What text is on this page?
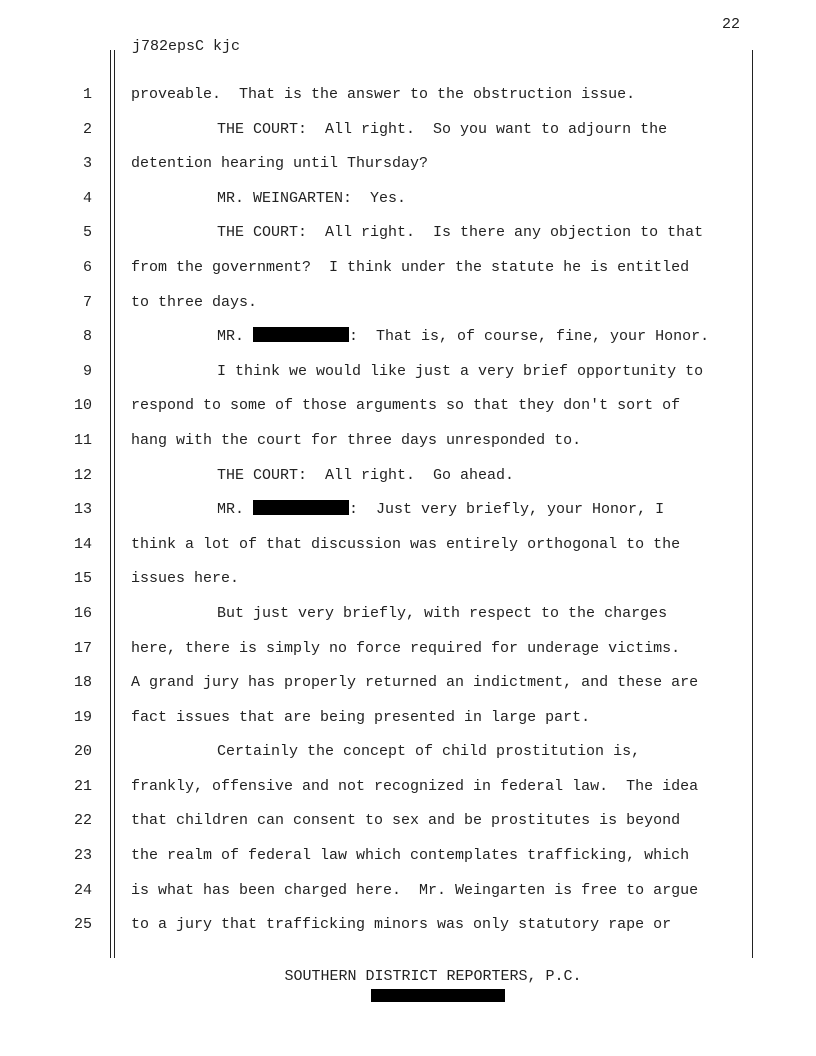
22
j782epsC kjc
1
2
3
4
5
6
7
8
9
10
11
12
13
14
15
16
17
18
19
20
21
22
23
24
25
proveable.  That is the answer to the obstruction issue.
THE COURT:  All right.  So you want to adjourn the
detention hearing until Thursday?
MR. WEINGARTEN:  Yes.
THE COURT:  All right.  Is there any objection to that
from the government?  I think under the statute he is entitled
to three days.
MR.	:  That is, of course, fine, your Honor.
I think we would like just a very brief opportunity to
respond to some of those arguments so that they don't sort of
hang with the court for three days unresponded to.
THE COURT:  All right.  Go ahead.
MR.	:  Just very briefly, your Honor, I
think a lot of that discussion was entirely orthogonal to the
issues here.
But just very briefly, with respect to the charges
here, there is simply no force required for underage victims.
A grand jury has properly returned an indictment, and these are
fact issues that are being presented in large part.
Certainly the concept of child prostitution is,
frankly, offensive and not recognized in federal law.  The idea
that children can consent to sex and be prostitutes is beyond
the realm of federal law which contemplates trafficking, which
is what has been charged here.  Mr. Weingarten is free to argue
to a jury that trafficking minors was only statutory rape or
SOUTHERN DISTRICT REPORTERS, P.C.
